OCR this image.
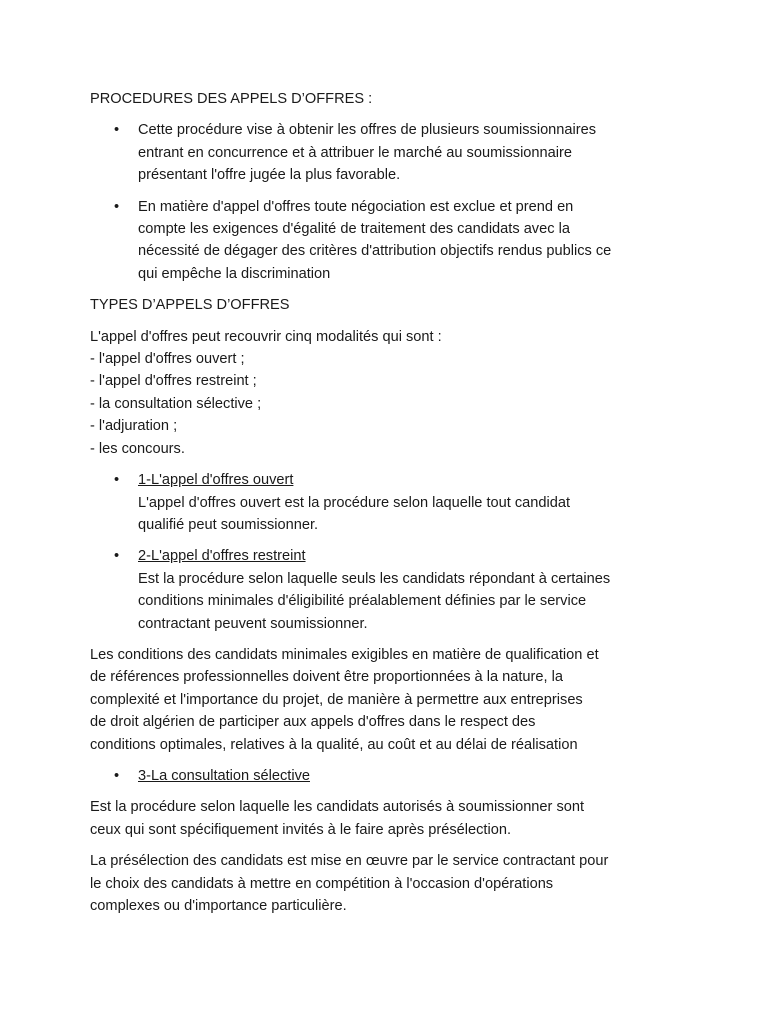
PROCEDURES DES APPELS D’OFFRES :
• Cette procédure vise à obtenir les offres de plusieurs soumissionnaires
entrant en concurrence et à attribuer le marché au soumissionnaire
présentant l'offre jugée la plus favorable.
• En matière d'appel d'offres toute négociation est exclue et prend en
compte les exigences d'égalité de traitement des candidats avec la
nécessité de dégager des critères d'attribution objectifs rendus publics ce
qui empêche la discrimination
TYPES D’APPELS D’OFFRES
L'appel d'offres peut recouvrir cinq modalités qui sont :
- l'appel d'offres ouvert ;
- l'appel d'offres restreint ;
- la consultation sélective ;
- l'adjuration ;
- les concours.
• 1-L'appel d'offres ouvert
L'appel d'offres ouvert est la procédure selon laquelle tout candidat
qualifié peut soumissionner.
• 2-L'appel d'offres restreint
Est la procédure selon laquelle seuls les candidats répondant à certaines
conditions minimales d'éligibilité préalablement définies par le service
contractant peuvent soumissionner.
Les conditions des candidats minimales exigibles en matière de qualification et
de références professionnelles doivent être proportionnées à la nature, la
complexité et l'importance du projet, de manière à permettre aux entreprises
de droit algérien de participer aux appels d'offres dans le respect des
conditions optimales, relatives à la qualité, au coût et au délai de réalisation
• 3-La consultation sélective
Est la procédure selon laquelle les candidats autorisés à soumissionner sont
ceux qui sont spécifiquement invités à le faire après présélection.
La présélection des candidats est mise en œuvre par le service contractant pour
le choix des candidats à mettre en compétition à l'occasion d'opérations
complexes ou d'importance particulière.
